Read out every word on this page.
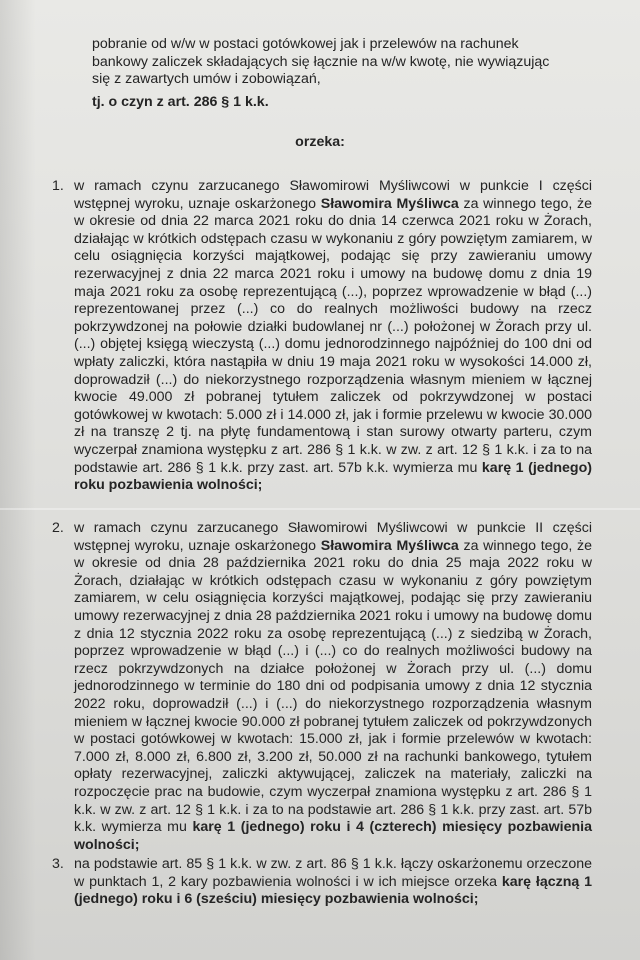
pobranie od w/w w postaci gotówkowej jak i przelewów na rachunek
bankowy zaliczek składających się łącznie na w/w kwotę, nie wywiązując
się z zawartych umów i zobowiązań,
tj. o czyn z art. 286 § 1 k.k.
orzeka:
1. w ramach czynu zarzucanego Sławomirowi Myśliwcowi w punkcie I części wstępnej wyroku, uznaje oskarżonego Sławomira Myśliwca za winnego tego, że w okresie od dnia 22 marca 2021 roku do dnia 14 czerwca 2021 roku w Żorach, działając w krótkich odstępach czasu w wykonaniu z góry powziętym zamiarem, w celu osiągnięcia korzyści majątkowej, podając się przy zawieraniu umowy rezerwacyjnej z dnia 22 marca 2021 roku i umowy na budowę domu z dnia 19 maja 2021 roku za osobę reprezentującą (...), poprzez wprowadzenie w błąd (...) reprezentowanej przez (...) co do realnych możliwości budowy na rzecz pokrzywdzonej na połowie działki budowlanej nr (...) położonej w Żorach przy ul. (...) objętej księgą wieczystą (...) domu jednorodzinnego najpóźniej do 100 dni od wpłaty zaliczki, która nastąpiła w dniu 19 maja 2021 roku w wysokości 14.000 zł, doprowadził (...) do niekorzystnego rozporządzenia własnym mieniem w łącznej kwocie 49.000 zł pobranej tytułem zaliczek od pokrzywdzonej w postaci gotówkowej w kwotach: 5.000 zł i 14.000 zł, jak i formie przelewu w kwocie 30.000 zł na transzę 2 tj. na płytę fundamentową i stan surowy otwarty parteru, czym wyczerpał znamiona występku z art. 286 § 1 k.k. w zw. z art. 12 § 1 k.k. i za to na podstawie art. 286 § 1 k.k. przy zast. art. 57b k.k. wymierza mu karę 1 (jednego) roku pozbawienia wolności;
2. w ramach czynu zarzucanego Sławomirowi Myśliwcowi w punkcie II części wstępnej wyroku, uznaje oskarżonego Sławomira Myśliwca za winnego tego, że w okresie od dnia 28 października 2021 roku do dnia 25 maja 2022 roku w Żorach, działając w krótkich odstępach czasu w wykonaniu z góry powziętym zamiarem, w celu osiągnięcia korzyści majątkowej, podając się przy zawieraniu umowy rezerwacyjnej z dnia 28 października 2021 roku i umowy na budowę domu z dnia 12 stycznia 2022 roku za osobę reprezentującą (...) z siedzibą w Żorach, poprzez wprowadzenie w błąd (...) i (...) co do realnych możliwości budowy na rzecz pokrzywdzonych na działce położonej w Żorach przy ul. (...) domu jednorodzinnego w terminie do 180 dni od podpisania umowy z dnia 12 stycznia 2022 roku, doprowadził (...) i (...) do niekorzystnego rozporządzenia własnym mieniem w łącznej kwocie 90.000 zł pobranej tytułem zaliczek od pokrzywdzonych w postaci gotówkowej w kwotach: 15.000 zł, jak i formie przelewów w kwotach: 7.000 zł, 8.000 zł, 6.800 zł, 3.200 zł, 50.000 zł na rachunki bankowego, tytułem opłaty rezerwacyjnej, zaliczki aktywującej, zaliczek na materiały, zaliczki na rozpoczęcie prac na budowie, czym wyczerpał znamiona występku z art. 286 § 1 k.k. w zw. z art. 12 § 1 k.k. i za to na podstawie art. 286 § 1 k.k. przy zast. art. 57b k.k. wymierza mu karę 1 (jednego) roku i 4 (czterech) miesięcy pozbawienia wolności;
3. na podstawie art. 85 § 1 k.k. w zw. z art. 86 § 1 k.k. łączy oskarżonemu orzeczone w punktach 1, 2 kary pozbawienia wolności i w ich miejsce orzeka karę łączną 1 (jednego) roku i 6 (sześciu) miesięcy pozbawienia wolności;
